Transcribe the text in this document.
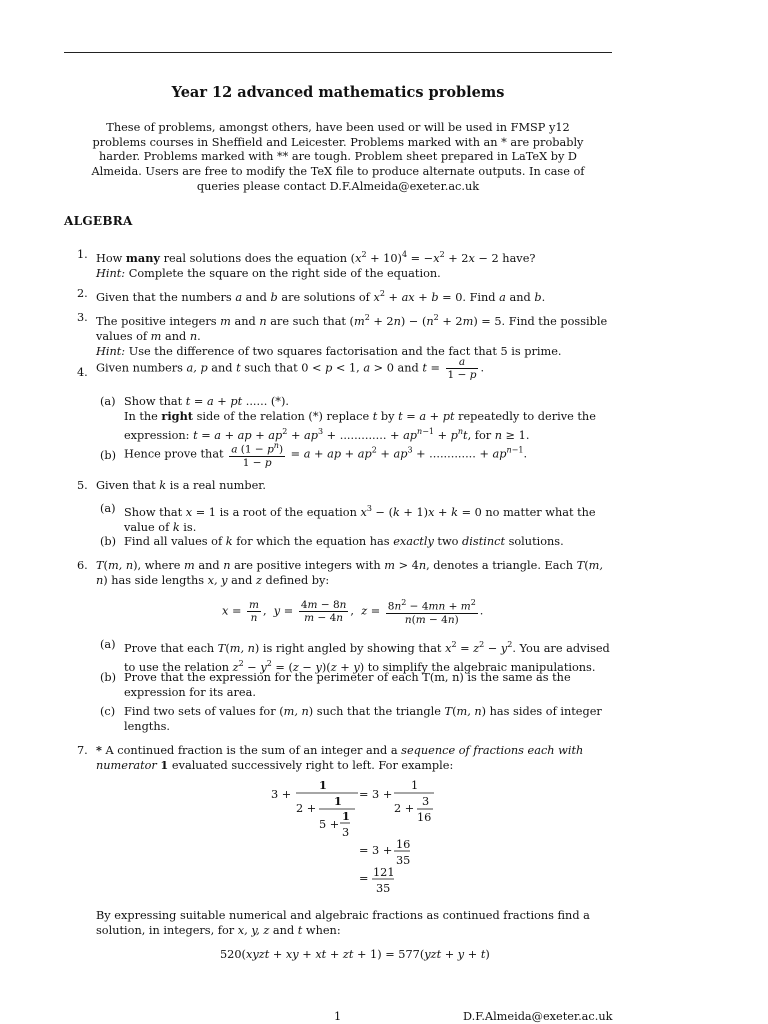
Year 12 advanced mathematics problems
These of problems, amongst others, have been used or will be used in FMSP y12 problems courses in Sheffield and Leicester. Problems marked with an * are probably harder. Problems marked with ** are tough. Problem sheet prepared in LaTeX by D Almeida. Users are free to modify the TeX file to produce alternate outputs. In case of queries please contact D.F.Almeida@exeter.ac.uk
ALGEBRA
1. How many real solutions does the equation $(x^2 + 10)^4 = -x^2 + 2x - 2$ have?
Hint: Complete the square on the right side of the equation.
2. Given that the numbers a and b are solutions of $x^2$ + ax + b = 0. Find a and b.
3. The positive integers m and n are such that $(m^2 + 2n) - (n^2 + 2m) = 5$. Find the possible values of m and n.
Hint: Use the difference of two squares factorisation and the fact that 5 is prime.
4. Given numbers a, p and t such that 0 < p < 1, a > 0 and $t = \frac{a}{1 - p}$ .
(a) Show that t = a + pt ...... (*).
In the right side of the relation (*) replace t by t = a + pt repeatedly to derive the expression: t = a + ap + $ap^2 + ap^3$ + ............. + $ap^{n-1} + p^nt$, for n ≥ 1.
(b) Hence prove that $\frac{a (1 - p^n)}{1 - p} = a$ + ap + $ap^2 + ap^3$ + ............. + $ap^{n-1}$.
5. Given that k is a real number.
(a) Show that x = 1 is a root of the equation $x^3 - (k + 1)x + k = 0$ no matter what the value of k is.
(b) Find all values of k for which the equation has exactly two distinct solutions.
6. T(m, n), where m and n are positive integers with m > 4n, denotes a triangle. Each T(m, n) has side lengths x, y and z defined by:
$x = \frac{m}{n}$ ,  $y = \frac{4m - 8n}{m - 4n}$ ,  $z = \frac{8n^2 - 4mn + m^2}{n(m - 4n)}$ .
(a) Prove that each T(m, n) is right angled by showing that $x^2 = z^2 - y^2$. You are advised to use the relation $z^2 - y^2 = (z - y)(z + y)$ to simplify the algebraic manipulations.
(b) Prove that the expression for the perimeter of each T(m, n) is the same as the expression for its area.
(c) Find two sets of values for (m, n) such that the triangle T(m, n) has sides of integer lengths.
7. * A continued fraction is the sum of an integer and a sequence of fractions each with numerator 1 evaluated successively right to left. For example:
3 +
1
2 +
1
5 +
1
3
= 3 +
1
2 +
3
16
= 3 + 16
35
= 121
35
By expressing suitable numerical and algebraic fractions as continued fractions find a solution, in integers, for x, y, z and t when:
520(xyzt + xy + xt + zt + 1) = 577(yzt + y + t)
1	D.F.Almeida@exeter.ac.uk
